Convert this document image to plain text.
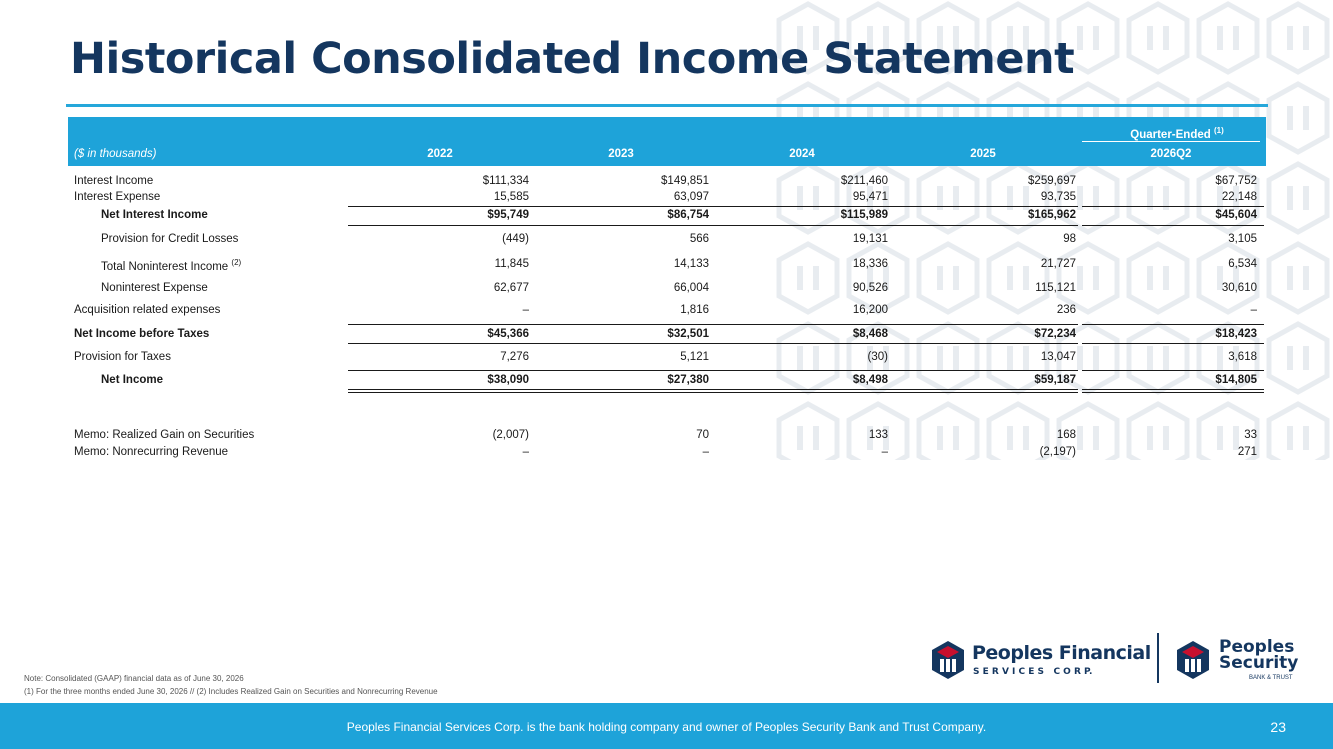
Historical Consolidated Income Statement
Quarter-Ended $^{(1)}$
($ in thousands)	2022	2023	2024	2025	2026Q2
Interest Income	$111,334	$149,851	$211,460	$259,697	$67,752
Interest Expense	15,585	63,097	95,471	93,735	22,148
Net Interest Income	$95,749	$86,754	$115,989	$165,962	$45,604
Provision for Credit Losses	(449)	566	19,131	98	3,105
Total Noninterest Income $^{(2)}$	11,845	14,133	18,336	21,727	6,534
Noninterest Expense	62,677	66,004	90,526	115,121	30,610
Acquisition related expenses	–	1,816	16,200	236	–
Net Income before Taxes	$45,366	$32,501	$8,468	$72,234	$18,423
Provision for Taxes	7,276	5,121	(30)	13,047	3,618
Net Income	$38,090	$27,380	$8,498	$59,187	$14,805
Memo: Realized Gain on Securities	(2,007)	70	133	168	33
Memo: Nonrecurring Revenue	–	–	–	(2,197)	271
Note: Consolidated (GAAP) financial data as of June 30, 2026
(1) For the three months ended June 30, 2026 // (2) Includes Realized Gain on Securities and Nonrecurring Revenue
Peoples Financial
S E R V I C E S   C O R P.
Peoples
Security
BANK & TRUST
Peoples Financial Services Corp. is the bank holding company and owner of Peoples Security Bank and Trust Company.	23
